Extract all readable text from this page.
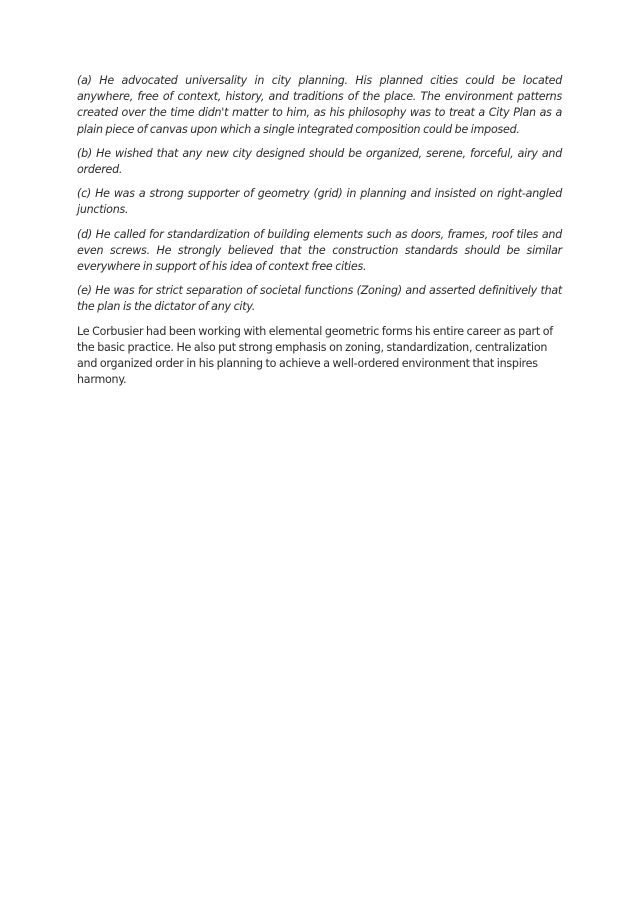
(a) He advocated universality in city planning. His planned cities could be located anywhere, free of context, history, and traditions of the place. The environment patterns created over the time didn't matter to him, as his philosophy was to treat a City Plan as a plain piece of canvas upon which a single integrated composition could be imposed.

(b) He wished that any new city designed should be organized, serene, forceful, airy and ordered.

(c) He was a strong supporter of geometry (grid) in planning and insisted on right-angled junctions.

(d) He called for standardization of building elements such as doors, frames, roof tiles and even screws. He strongly believed that the construction standards should be similar everywhere in support of his idea of context free cities.

(e) He was for strict separation of societal functions (Zoning) and asserted definitively that the plan is the dictator of any city.

Le Corbusier had been working with elemental geometric forms his entire career as part of the basic practice. He also put strong emphasis on zoning, standardization, centralization and organized order in his planning to achieve a well-ordered environment that inspires harmony.
